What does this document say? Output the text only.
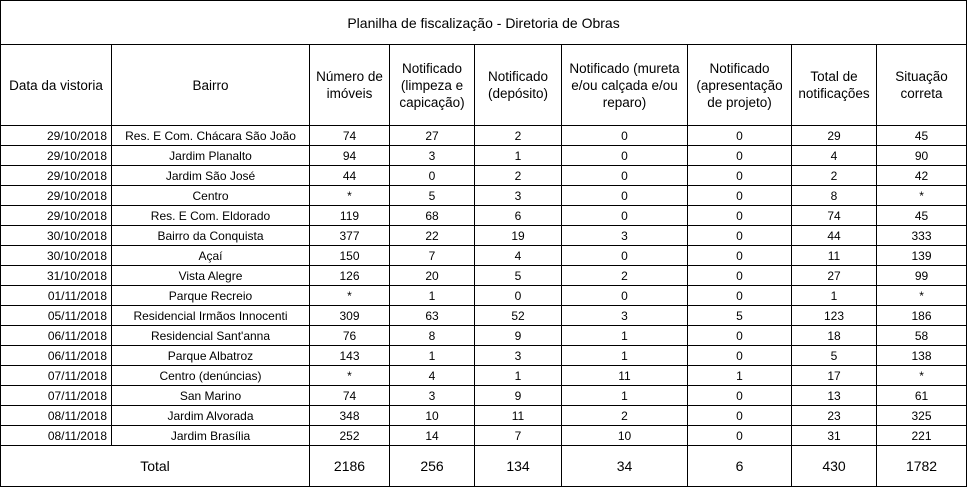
Planilha de fiscalização - Diretoria de Obras								
Data da vistoria	Bairro	Número de imóveis	Notificado (limpeza e capicação)	Notificado (depósito)	Notificado (mureta e/ou calçada e/ou reparo)	Notificado (apresentação de projeto)	Total de notificações	Situação correta
29/10/2018	Res. E Com. Chácara São João	74	27	2	0	0	29	45
29/10/2018	Jardim Planalto	94	3	1	0	0	4	90
29/10/2018	Jardim São José	44	0	2	0	0	2	42
29/10/2018	Centro	*	5	3	0	0	8	*
29/10/2018	Res. E Com. Eldorado	119	68	6	0	0	74	45
30/10/2018	Bairro da Conquista	377	22	19	3	0	44	333
30/10/2018	Açaí	150	7	4	0	0	11	139
31/10/2018	Vista Alegre	126	20	5	2	0	27	99
01/11/2018	Parque Recreio	*	1	0	0	0	1	*
05/11/2018	Residencial Irmãos Innocenti	309	63	52	3	5	123	186
06/11/2018	Residencial Sant'anna	76	8	9	1	0	18	58
06/11/2018	Parque Albatroz	143	1	3	1	0	5	138
07/11/2018	Centro (denúncias)	*	4	1	11	1	17	*
07/11/2018	San Marino	74	3	9	1	0	13	61
08/11/2018	Jardim Alvorada	348	10	11	2	0	23	325
08/11/2018	Jardim Brasília	252	14	7	10	0	31	221
Total		2186	256	134	34	6	430	1782
